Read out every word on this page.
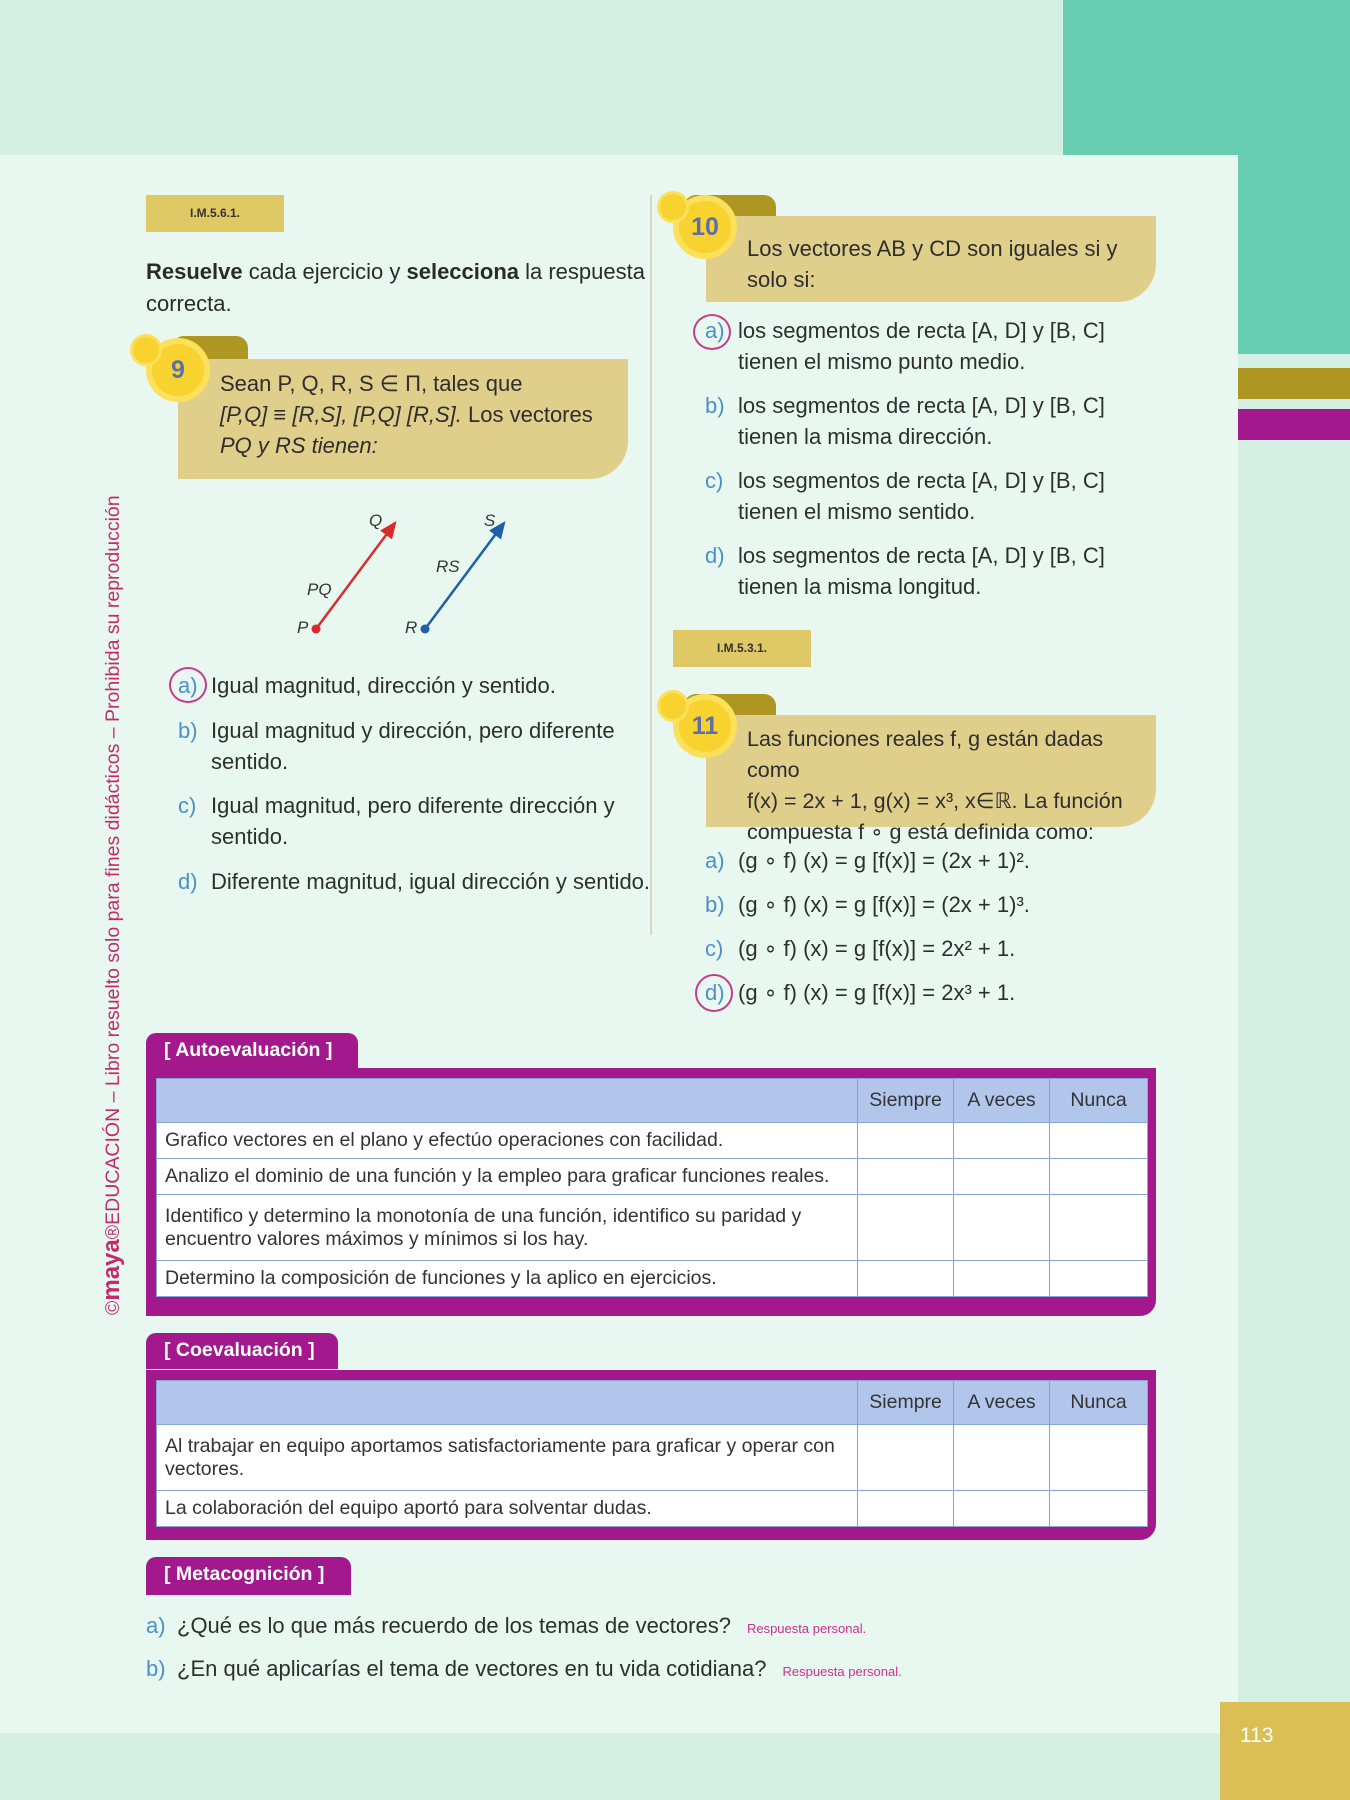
113
©maya®EDUCACIÓN – Libro resuelto solo para fines didácticos – Prohibida su reproducción
I.M.5.6.1.
Resuelve cada ejercicio y selecciona la respuesta correcta.
Sean P, Q, R, S ∈ Π, tales que
[P,Q] ≡ [R,S], [P,Q] [R,S]. Los vectores
PQ y RS tienen:
9
Q	S
RS
PQ
P	R
a) Igual magnitud, dirección y sentido.
b) Igual magnitud y dirección, pero diferente sentido.
c) Igual magnitud, pero diferente dirección y sentido.
d) Diferente magnitud, igual dirección y sentido.
Los vectores AB y CD son iguales si y
solo si:
10
a) los segmentos de recta [A, D] y [B, C]
tienen el mismo punto medio.
b) los segmentos de recta [A, D] y [B, C]
tienen la misma dirección.
c) los segmentos de recta [A, D] y [B, C]
tienen el mismo sentido.
d) los segmentos de recta [A, D] y [B, C]
tienen la misma longitud.
I.M.5.3.1.
Las funciones reales f, g están dadas como
f(x) = 2x + 1, g(x) = x³, x∈ℝ. La función
compuesta f ∘ g está definida como:
11
a) (g ∘ f) (x) = g [f(x)] = (2x + 1)².
b) (g ∘ f) (x) = g [f(x)] = (2x + 1)³.
c) (g ∘ f) (x) = g [f(x)] = 2x² + 1.
d) (g ∘ f) (x) = g [f(x)] = 2x³ + 1.
[ Autoevaluación ]
	Siempre	A veces	Nunca
Grafico vectores en el plano y efectúo operaciones con facilidad.			
Analizo el dominio de una función y la empleo para graficar funciones reales.			
Identifico y determino la monotonía de una función, identifico su paridad y encuentro valores máximos y mínimos si los hay.			
Determino la composición de funciones y la aplico en ejercicios.			
[ Coevaluación ]
	Siempre	A veces	Nunca
Al trabajar en equipo aportamos satisfactoriamente para graficar y operar con vectores.			
La colaboración del equipo aportó para solventar dudas.			
[ Metacognición ]
a) ¿Qué es lo que más recuerdo de los temas de vectores? Respuesta personal.
b) ¿En qué aplicarías el tema de vectores en tu vida cotidiana? Respuesta personal.
